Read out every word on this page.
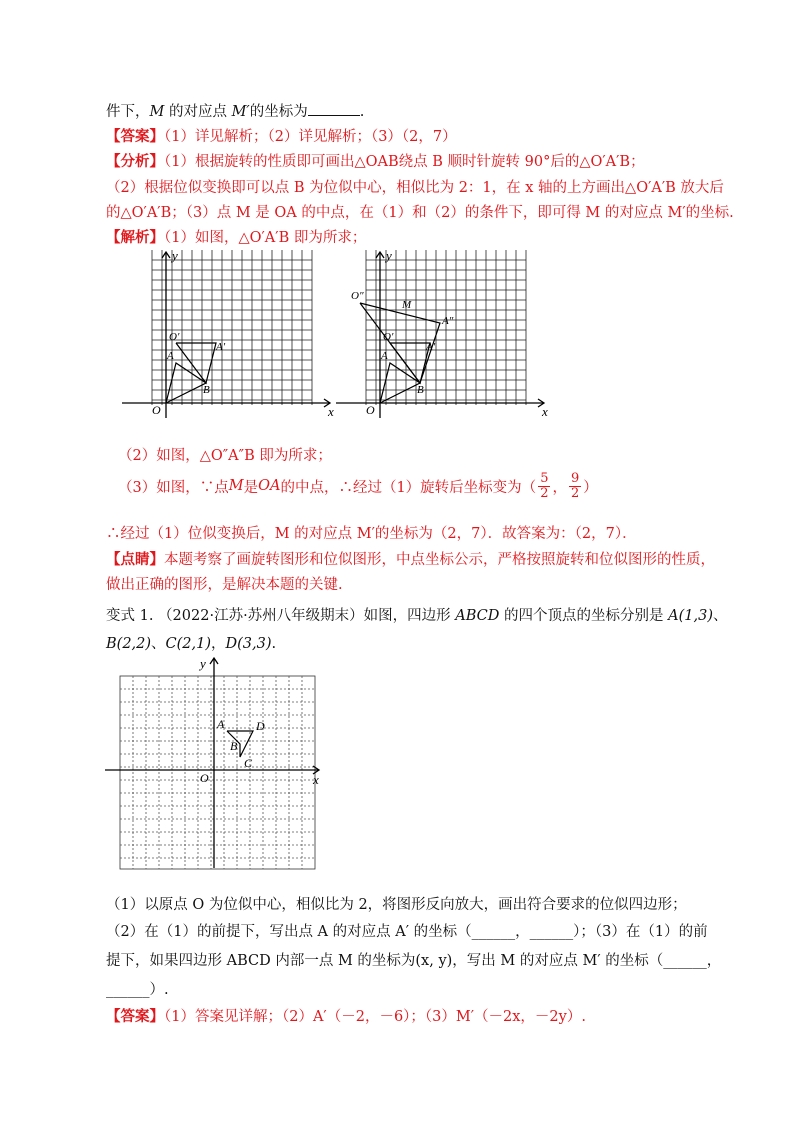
件下，M 的对应点 M′的坐标为	.
【答案】（1）详见解析；（2）详见解析；（3）（2，7）
【分析】（1）根据旋转的性质即可画出△OAB绕点 B 顺时针旋转 90°后的△O′A′B；
（2）根据位似变换即可以点 B 为位似中心，相似比为 2：1，在 x 轴的上方画出△O′A′B 放大后
的△O′A′B；（3）点 M 是 OA 的中点，在（1）和（2）的条件下，即可得 M 的对应点 M′的坐标.
【解析】（1）如图，△O′A′B 即为所求；
x
y
O
A
B
O′
A′
x
y
O
A
B
O′
A′
O″
A″
M
（2）如图，△O″A″B 即为所求；
（3）如图，∵点 M 是 OA 的中点，∴经过（1）旋转后坐标变为（ $\frac{5}{2}$ ， $\frac{9}{2}$ ）
∴经过（1）位似变换后，M 的对应点 M′的坐标为（2，7）．故答案为：（2，7）．
【点睛】本题考察了画旋转图形和位似图形，中点坐标公示，严格按照旋转和位似图形的性质，
做出正确的图形，是解决本题的关键.
变式 1. （2022·江苏·苏州八年级期末）如图，四边形 ABCD 的四个顶点的坐标分别是 A(1,3)、
B(2,2)、C(2,1)，D(3,3).
x
y
O
A
B
C
D
（1）以原点 O 为位似中心，相似比为 2，将图形反向放大，画出符合要求的位似四边形；
（2）在（1）的前提下，写出点 A 的对应点 A′ 的坐标（______，______）；（3）在（1）的前
提下，如果四边形 ABCD 内部一点 M 的坐标为(x, y)，写出 M 的对应点 M′ 的坐标（______，
______）.
【答案】（1）答案见详解；（2）A′（－2，－6）；（3）M′（－2x，－2y）.
